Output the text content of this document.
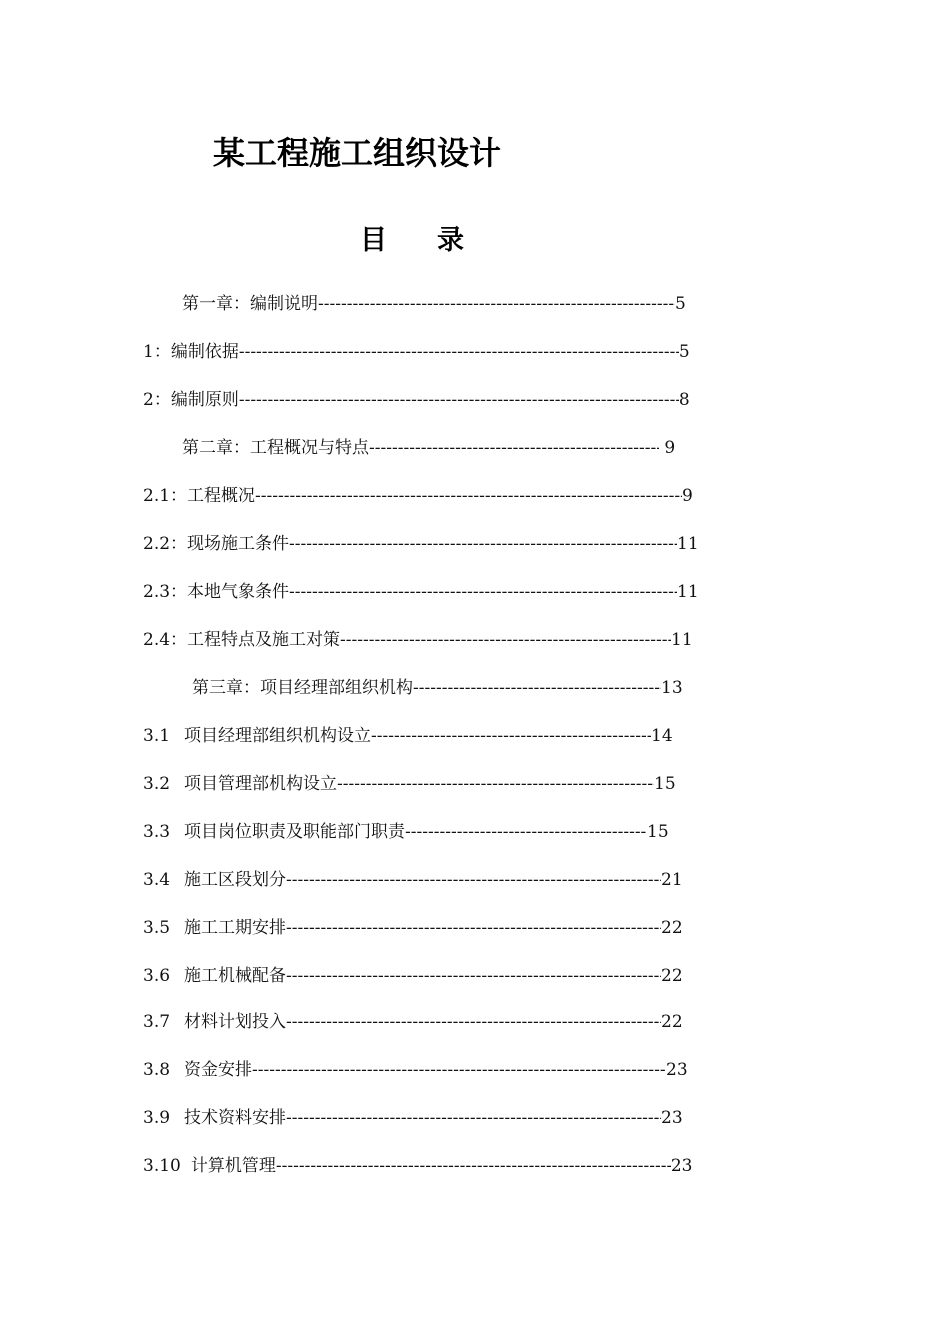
某工程施工组织设计
目 录
第一章：编制说明 -----	5
1：编制依据 -----	5
2：编制原则 -----	8
第二章：工程概况与特点 -----	9
2.1：工程概况 -----	9
2.2：现场施工条件 -----	11
2.3：本地气象条件 -----	11
2.4：工程特点及施工对策 -----	11
第三章：项目经理部组织机构 -----	13
3.1 项目经理部组织机构设立 -----	14
3.2 项目管理部机构设立 -----	15
3.3 项目岗位职责及职能部门职责 -----	15
3.4 施工区段划分 -----	21
3.5 施工工期安排 -----	22
3.6 施工机械配备 -----	22
3.7 材料计划投入 -----	22
3.8 资金安排 -----	23
3.9 技术资料安排 -----	23
3.10 计算机管理 -----	23
